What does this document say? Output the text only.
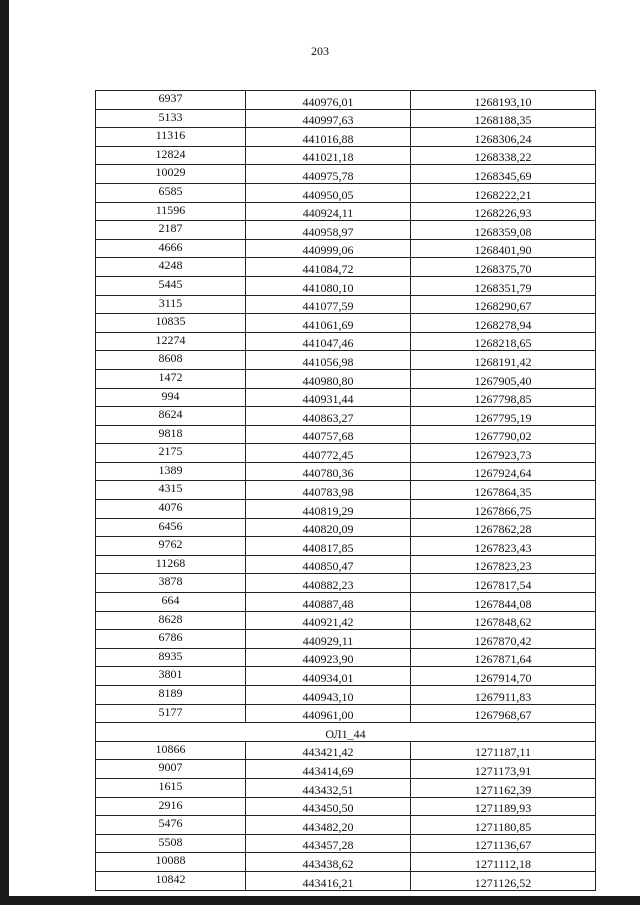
203
6937	440976,01	1268193,10
5133	440997,63	1268188,35
11316	441016,88	1268306,24
12824	441021,18	1268338,22
10029	440975,78	1268345,69
6585	440950,05	1268222,21
11596	440924,11	1268226,93
2187	440958,97	1268359,08
4666	440999,06	1268401,90
4248	441084,72	1268375,70
5445	441080,10	1268351,79
3115	441077,59	1268290,67
10835	441061,69	1268278,94
12274	441047,46	1268218,65
8608	441056,98	1268191,42
1472	440980,80	1267905,40
994	440931,44	1267798,85
8624	440863,27	1267795,19
9818	440757,68	1267790,02
2175	440772,45	1267923,73
1389	440780,36	1267924,64
4315	440783,98	1267864,35
4076	440819,29	1267866,75
6456	440820,09	1267862,28
9762	440817,85	1267823,43
11268	440850,47	1267823,23
3878	440882,23	1267817,54
664	440887,48	1267844,08
8628	440921,42	1267848,62
6786	440929,11	1267870,42
8935	440923,90	1267871,64
3801	440934,01	1267914,70
8189	440943,10	1267911,83
5177	440961,00	1267968,67
ОЛ1_44		
10866	443421,42	1271187,11
9007	443414,69	1271173,91
1615	443432,51	1271162,39
2916	443450,50	1271189,93
5476	443482,20	1271180,85
5508	443457,28	1271136,67
10088	443438,62	1271112,18
10842	443416,21	1271126,52
